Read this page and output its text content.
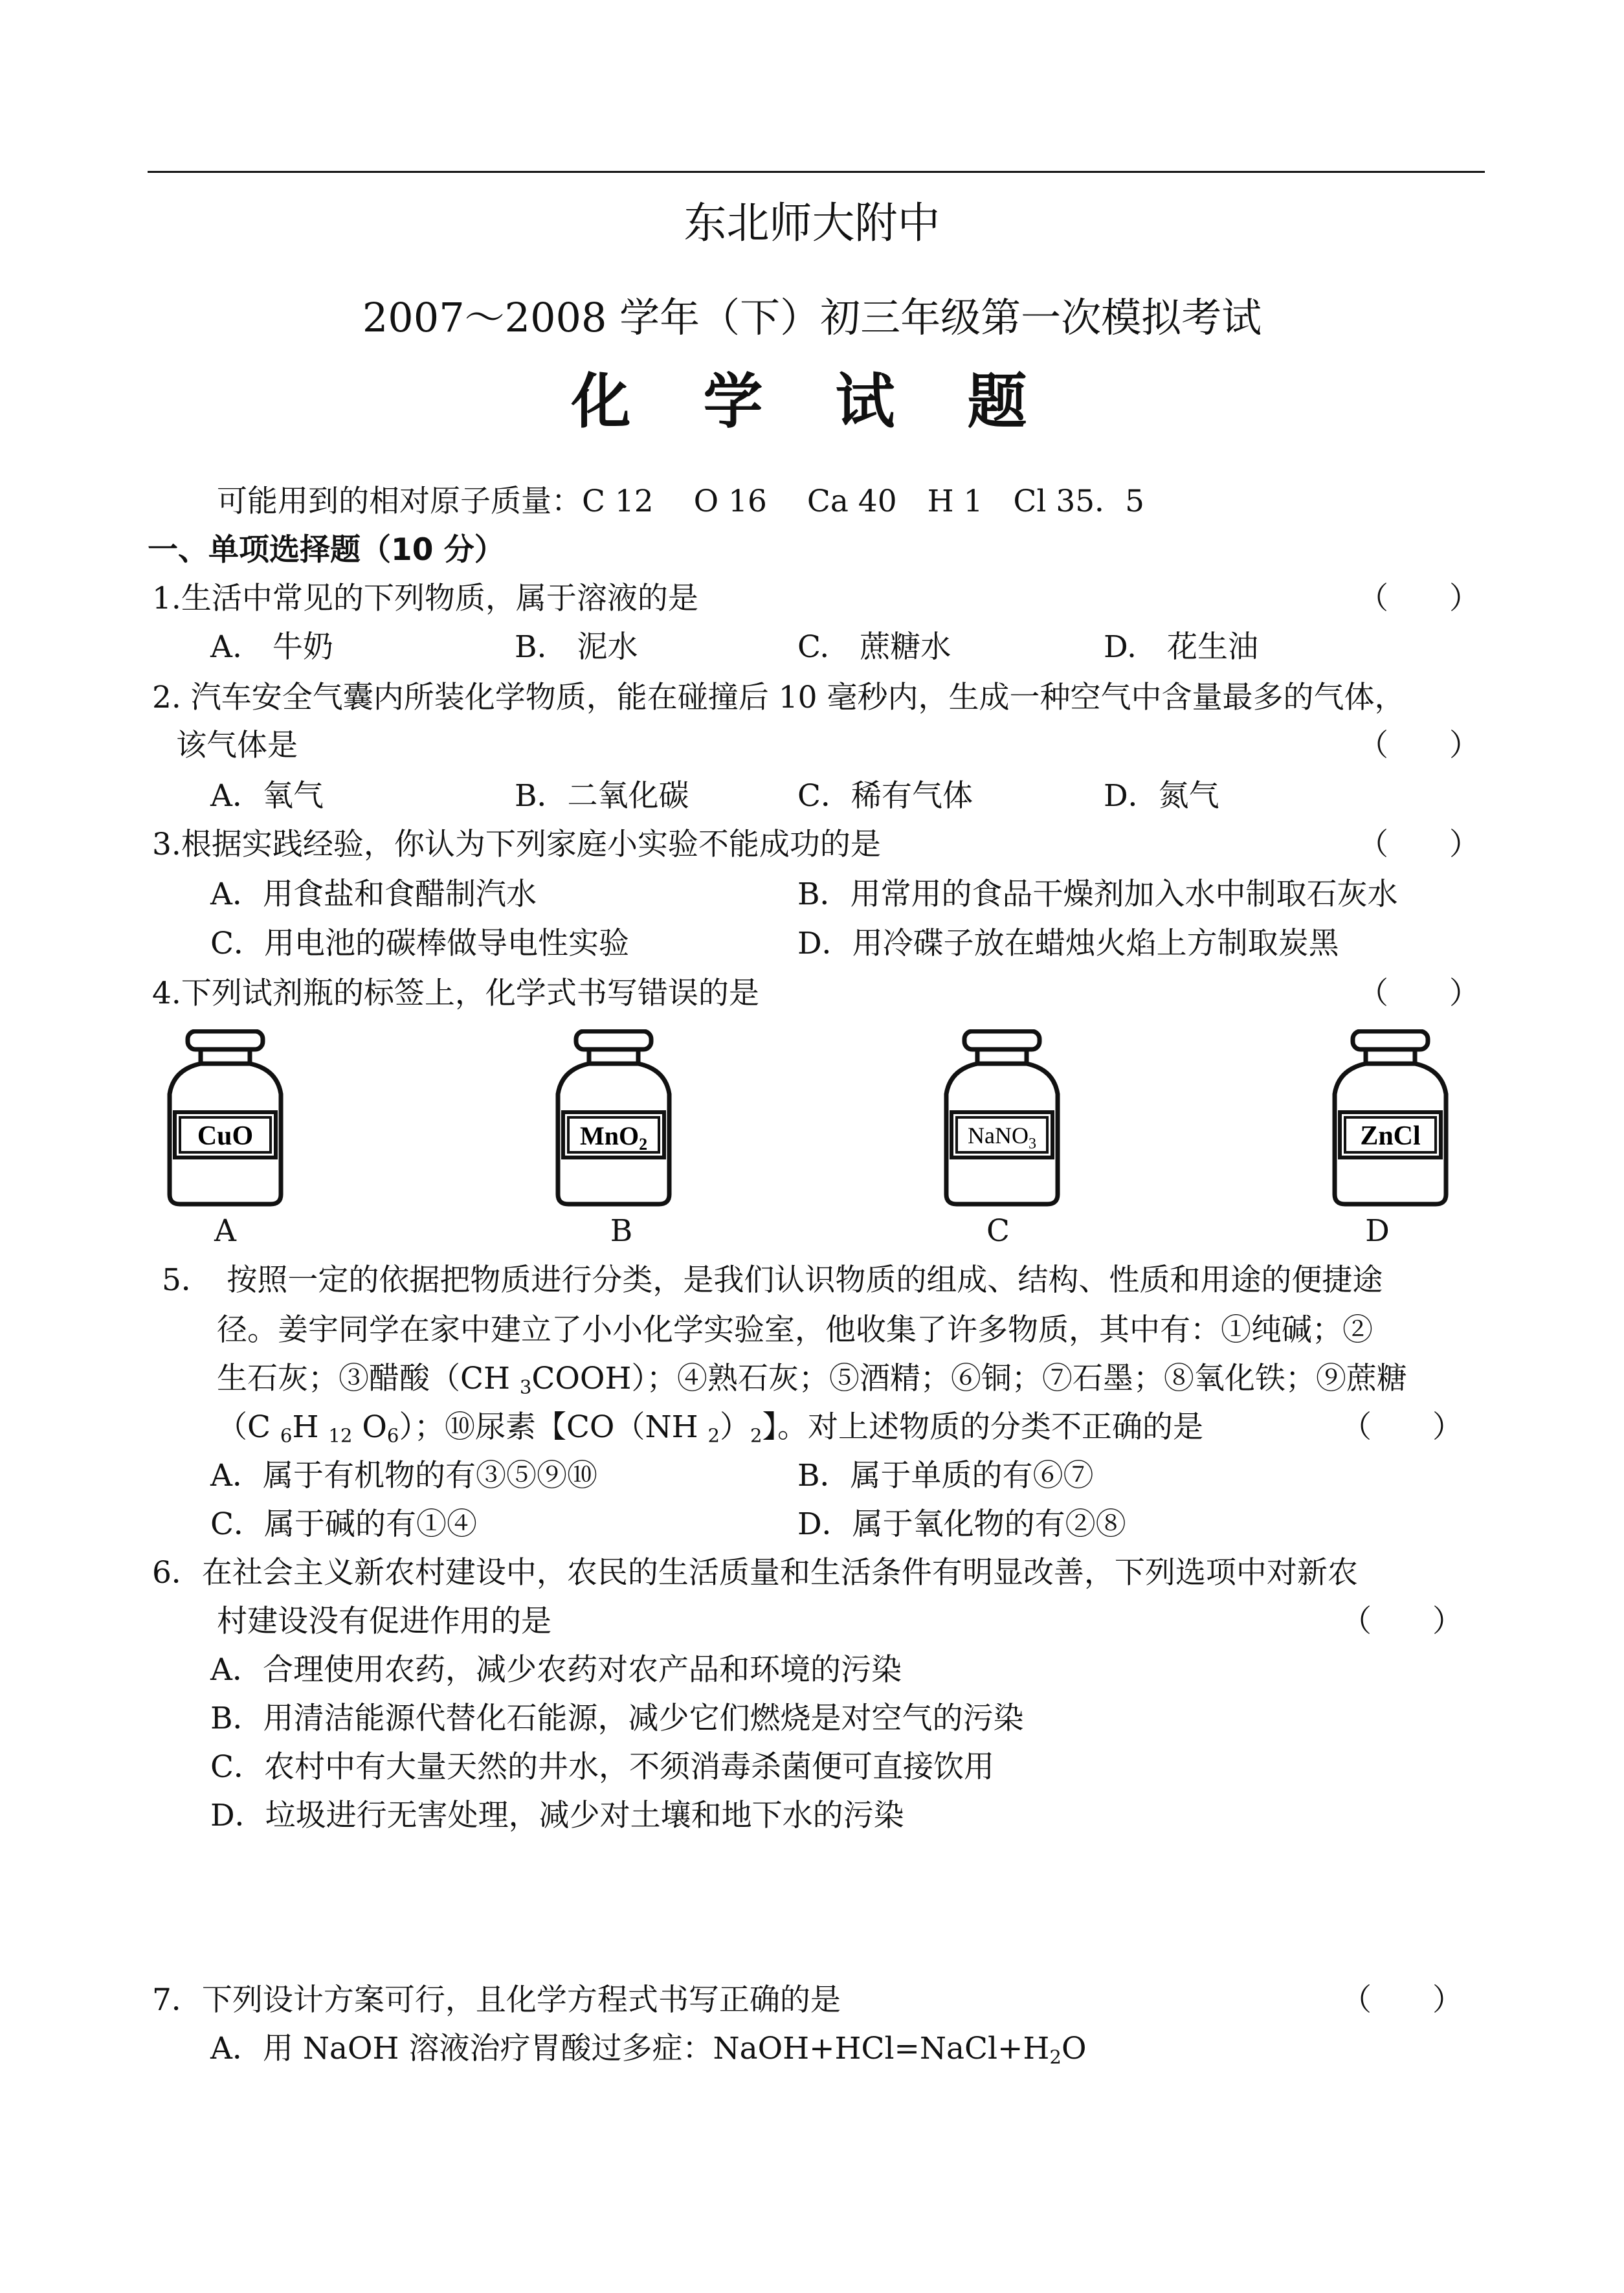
东北师大附中
2007～2008 学年（下）初三年级第一次模拟考试
化 学 试 题
可能用到的相对原子质量：C 12　 O 16　 Ca 40　H 1　Cl 35．5
一、单项选择题（10 分）
1.生活中常见的下列物质，属于溶液的是	（　　）
A.　牛奶	B.　泥水	C.　蔗糖水	D.　花生油
2. 汽车安全气囊内所装化学物质，能在碰撞后 10 毫秒内，生成一种空气中含量最多的气体，
该气体是	（　　）
A．氧气	B．二氧化碳	C．稀有气体	D．氮气
3.根据实践经验，你认为下列家庭小实验不能成功的是	（　　）
A．用食盐和食醋制汽水	B．用常用的食品干燥剂加入水中制取石灰水
C．用电池的碳棒做导电性实验	D．用冷碟子放在蜡烛火焰上方制取炭黑
4.下列试剂瓶的标签上，化学式书写错误的是	（　　）
CuO
A
MnO$_2$
B
NaNO$_3$
C
ZnCl
D
5．　按照一定的依据把物质进行分类，是我们认识物质的组成、结构、性质和用途的便捷途
径。姜宇同学在家中建立了小小化学实验室，他收集了许多物质，其中有：①纯碱；②
生石灰；③醋酸（CH $_3$COOH）；④熟石灰；⑤酒精；⑥铜；⑦石墨；⑧氧化铁；⑨蔗糖
（C $_6$H $_{12}$ $O_6$）；⑩尿素【CO（NH $_2)_2$】。对上述物质的分类不正确的是	（　　）
A．属于有机物的有③⑤⑨⑩	B．属于单质的有⑥⑦
C．属于碱的有①④	D．属于氧化物的有②⑧
6．在社会主义新农村建设中，农民的生活质量和生活条件有明显改善，下列选项中对新农
村建设没有促进作用的是	（　　）
A．合理使用农药，减少农药对农产品和环境的污染
B．用清洁能源代替化石能源，减少它们燃烧是对空气的污染
C．农村中有大量天然的井水，不须消毒杀菌便可直接饮用
D．垃圾进行无害处理，减少对土壤和地下水的污染
7．下列设计方案可行，且化学方程式书写正确的是	（　　）
A．用 NaOH 溶液治疗胃酸过多症：$NaOH+HCl=NaCl+H_2O$
